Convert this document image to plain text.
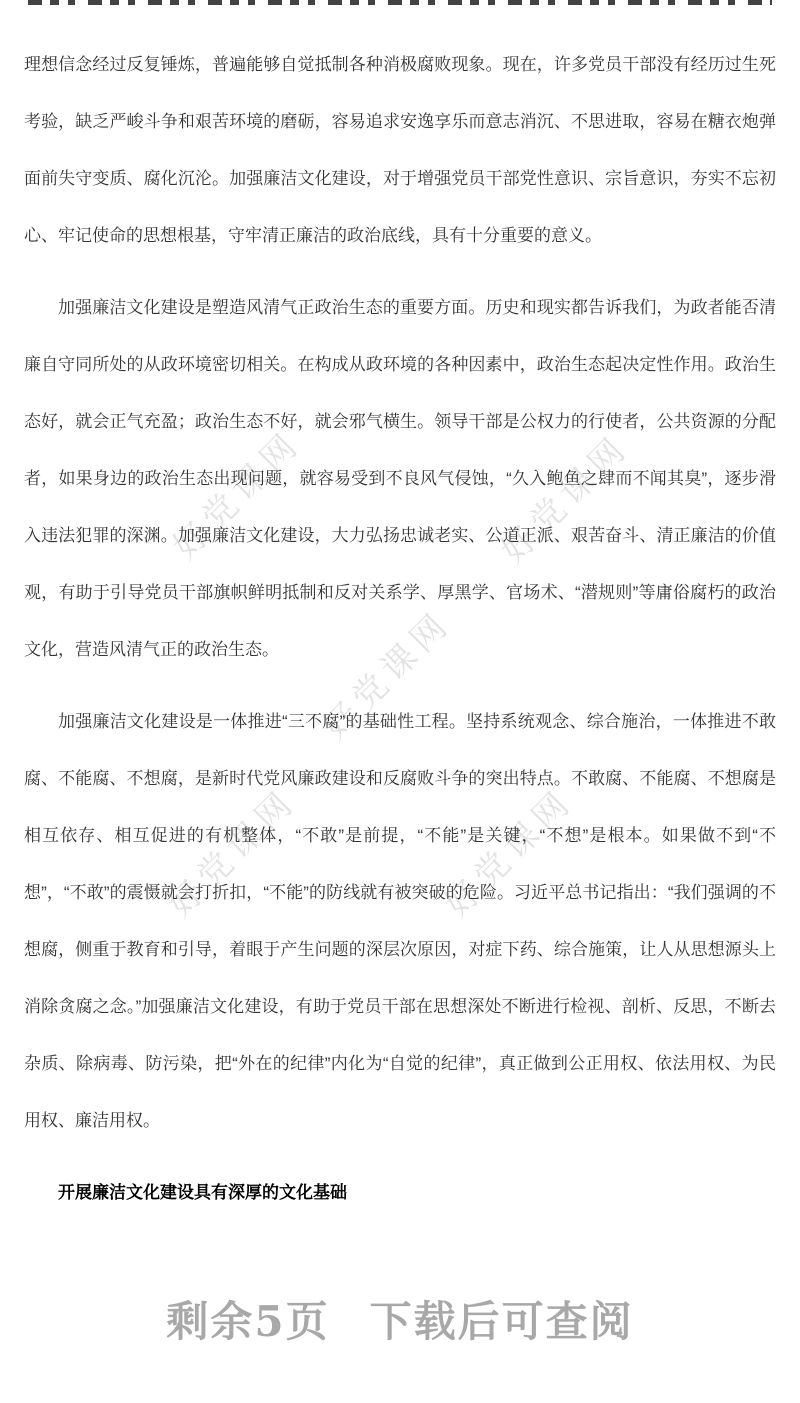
好党课网	好党课网
好党课网
好党课网	好党课网

理想信念经过反复锤炼，普遍能够自觉抵制各种消极腐败现象。现在，许多党员干部没有经历过生死考验，缺乏严峻斗争和艰苦环境的磨砺，容易追求安逸享乐而意志消沉、不思进取，容易在糖衣炮弹面前失守变质、腐化沉沦。加强廉洁文化建设，对于增强党员干部党性意识、宗旨意识，夯实不忘初心、牢记使命的思想根基，守牢清正廉洁的政治底线，具有十分重要的意义。

加强廉洁文化建设是塑造风清气正政治生态的重要方面。历史和现实都告诉我们，为政者能否清廉自守同所处的从政环境密切相关。在构成从政环境的各种因素中，政治生态起决定性作用。政治生态好，就会正气充盈；政治生态不好，就会邪气横生。领导干部是公权力的行使者，公共资源的分配者，如果身边的政治生态出现问题，就容易受到不良风气侵蚀，“久入鲍鱼之肆而不闻其臭”，逐步滑入违法犯罪的深渊。加强廉洁文化建设，大力弘扬忠诚老实、公道正派、艰苦奋斗、清正廉洁的价值观，有助于引导党员干部旗帜鲜明抵制和反对关系学、厚黑学、官场术、“潜规则”等庸俗腐朽的政治文化，营造风清气正的政治生态。

加强廉洁文化建设是一体推进“三不腐”的基础性工程。坚持系统观念、综合施治，一体推进不敢腐、不能腐、不想腐，是新时代党风廉政建设和反腐败斗争的突出特点。不敢腐、不能腐、不想腐是相互依存、相互促进的有机整体，“不敢”是前提，“不能”是关键，“不想”是根本。如果做不到“不想”，“不敢”的震慑就会打折扣，“不能”的防线就有被突破的危险。习近平总书记指出：“我们强调的不想腐，侧重于教育和引导，着眼于产生问题的深层次原因，对症下药、综合施策，让人从思想源头上消除贪腐之念。”加强廉洁文化建设，有助于党员干部在思想深处不断进行检视、剖析、反思，不断去杂质、除病毒、防污染，把“外在的纪律”内化为“自觉的纪律”，真正做到公正用权、依法用权、为民用权、廉洁用权。

开展廉洁文化建设具有深厚的文化基础
剩余5页 下载后可查阅
